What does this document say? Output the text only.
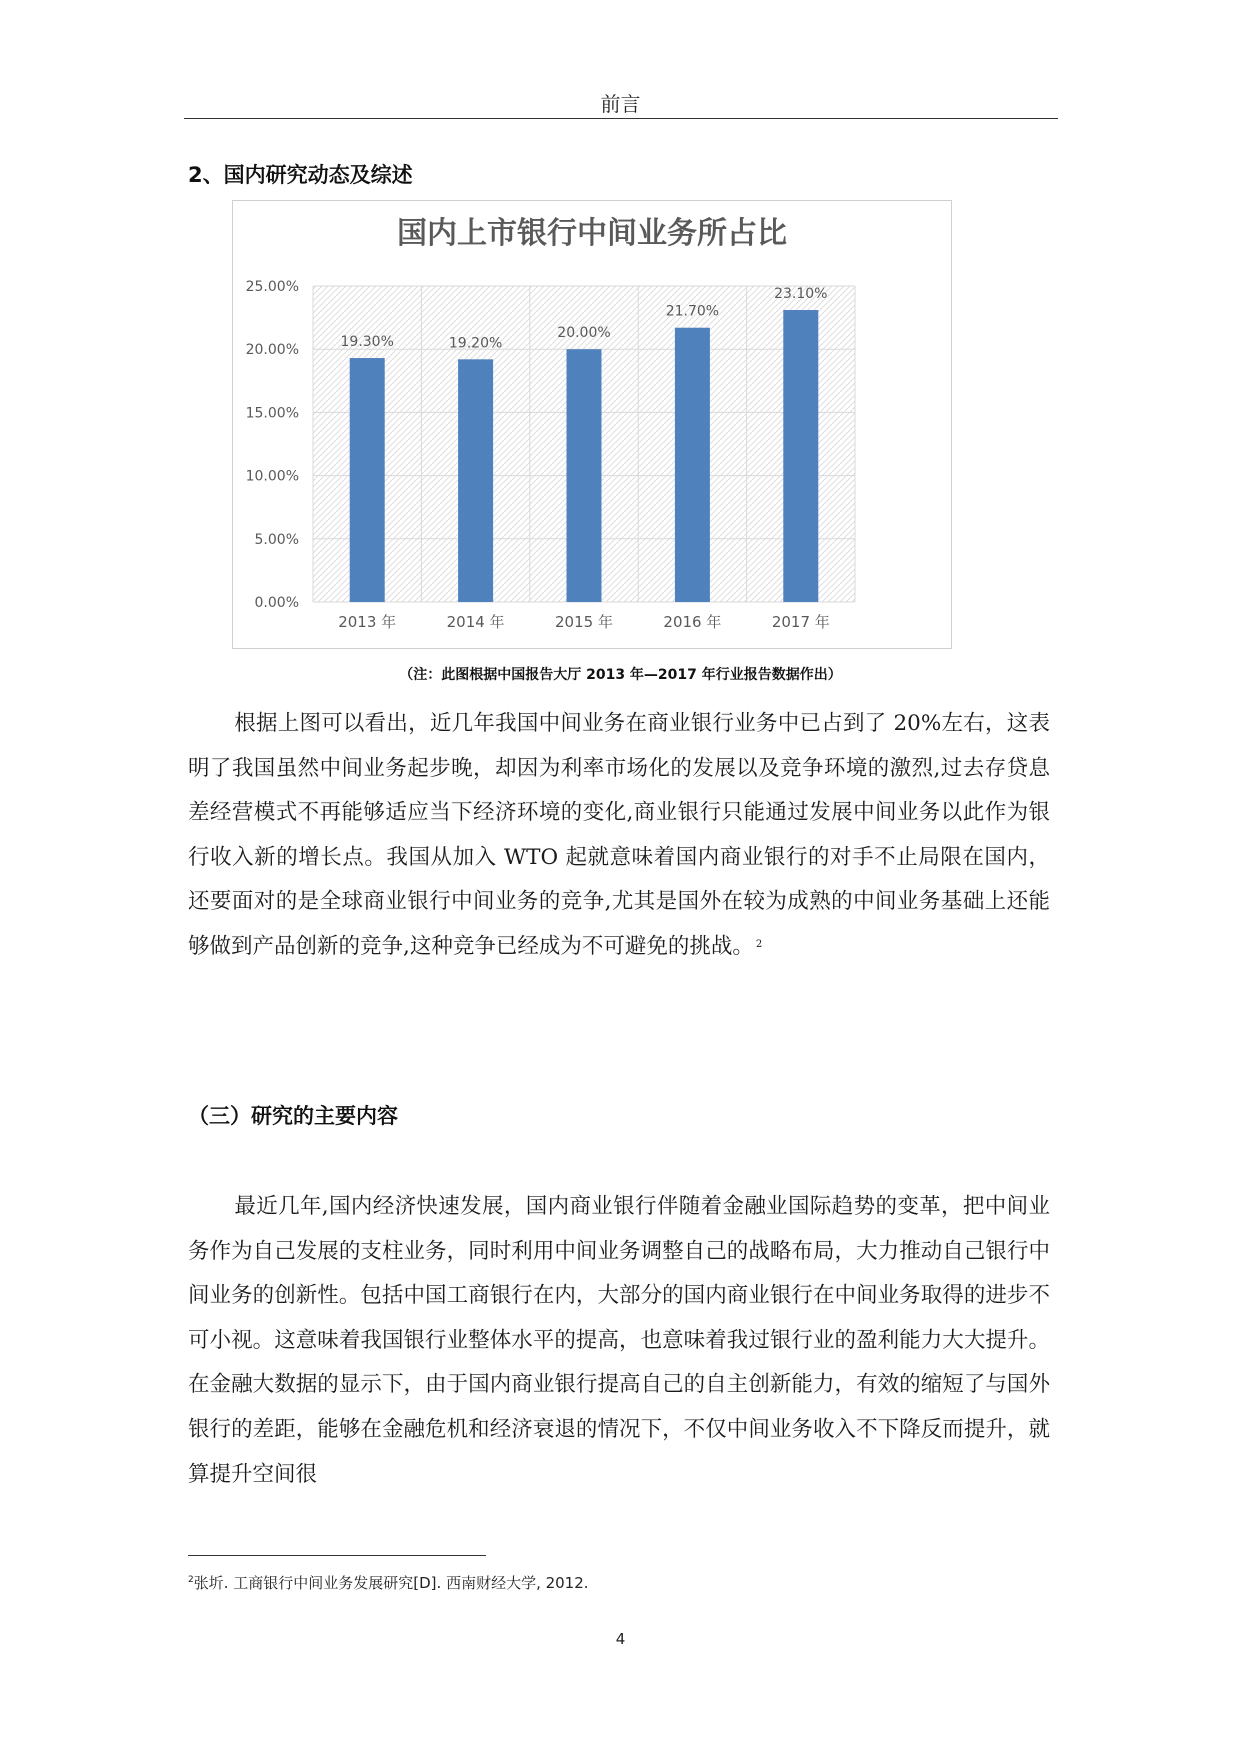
前言
2、国内研究动态及综述
国内上市银行中间业务所占比
0.00%
5.00%
10.00%
15.00%
20.00%
25.00%
19.30%
2013 年
19.20%
2014 年
20.00%
2015 年
21.70%
2016 年
23.10%
2017 年
（注：此图根据中国报告大厅 2013 年—2017 年行业报告数据作出）

根据上图可以看出，近几年我国中间业务在商业银行业务中已占到了 20%左右，这表明了我国虽然中间业务起步晚，却因为利率市场化的发展以及竞争环境的激烈,过去存贷息差经营模式不再能够适应当下经济环境的变化,商业银行只能通过发展中间业务以此作为银行收入新的增长点。我国从加入 WTO 起就意味着国内商业银行的对手不止局限在国内，还要面对的是全球商业银行中间业务的竞争,尤其是国外在较为成熟的中间业务基础上还能够做到产品创新的竞争,这种竞争已经成为不可避免的挑战。 $^2$

（三）研究的主要内容

最近几年,国内经济快速发展，国内商业银行伴随着金融业国际趋势的变革，把中间业务作为自己发展的支柱业务，同时利用中间业务调整自己的战略布局，大力推动自己银行中间业务的创新性。包括中国工商银行在内，大部分的国内商业银行在中间业务取得的进步不可小视。这意味着我国银行业整体水平的提高，也意味着我过银行业的盈利能力大大提升。在金融大数据的显示下，由于国内商业银行提高自己的自主创新能力，有效的缩短了与国外银行的差距，能够在金融危机和经济衰退的情况下，不仅中间业务收入不下降反而提升，就算提升空间很

$^2$张圻. 工商银行中间业务发展研究[D]. 西南财经大学, 2012.
4
